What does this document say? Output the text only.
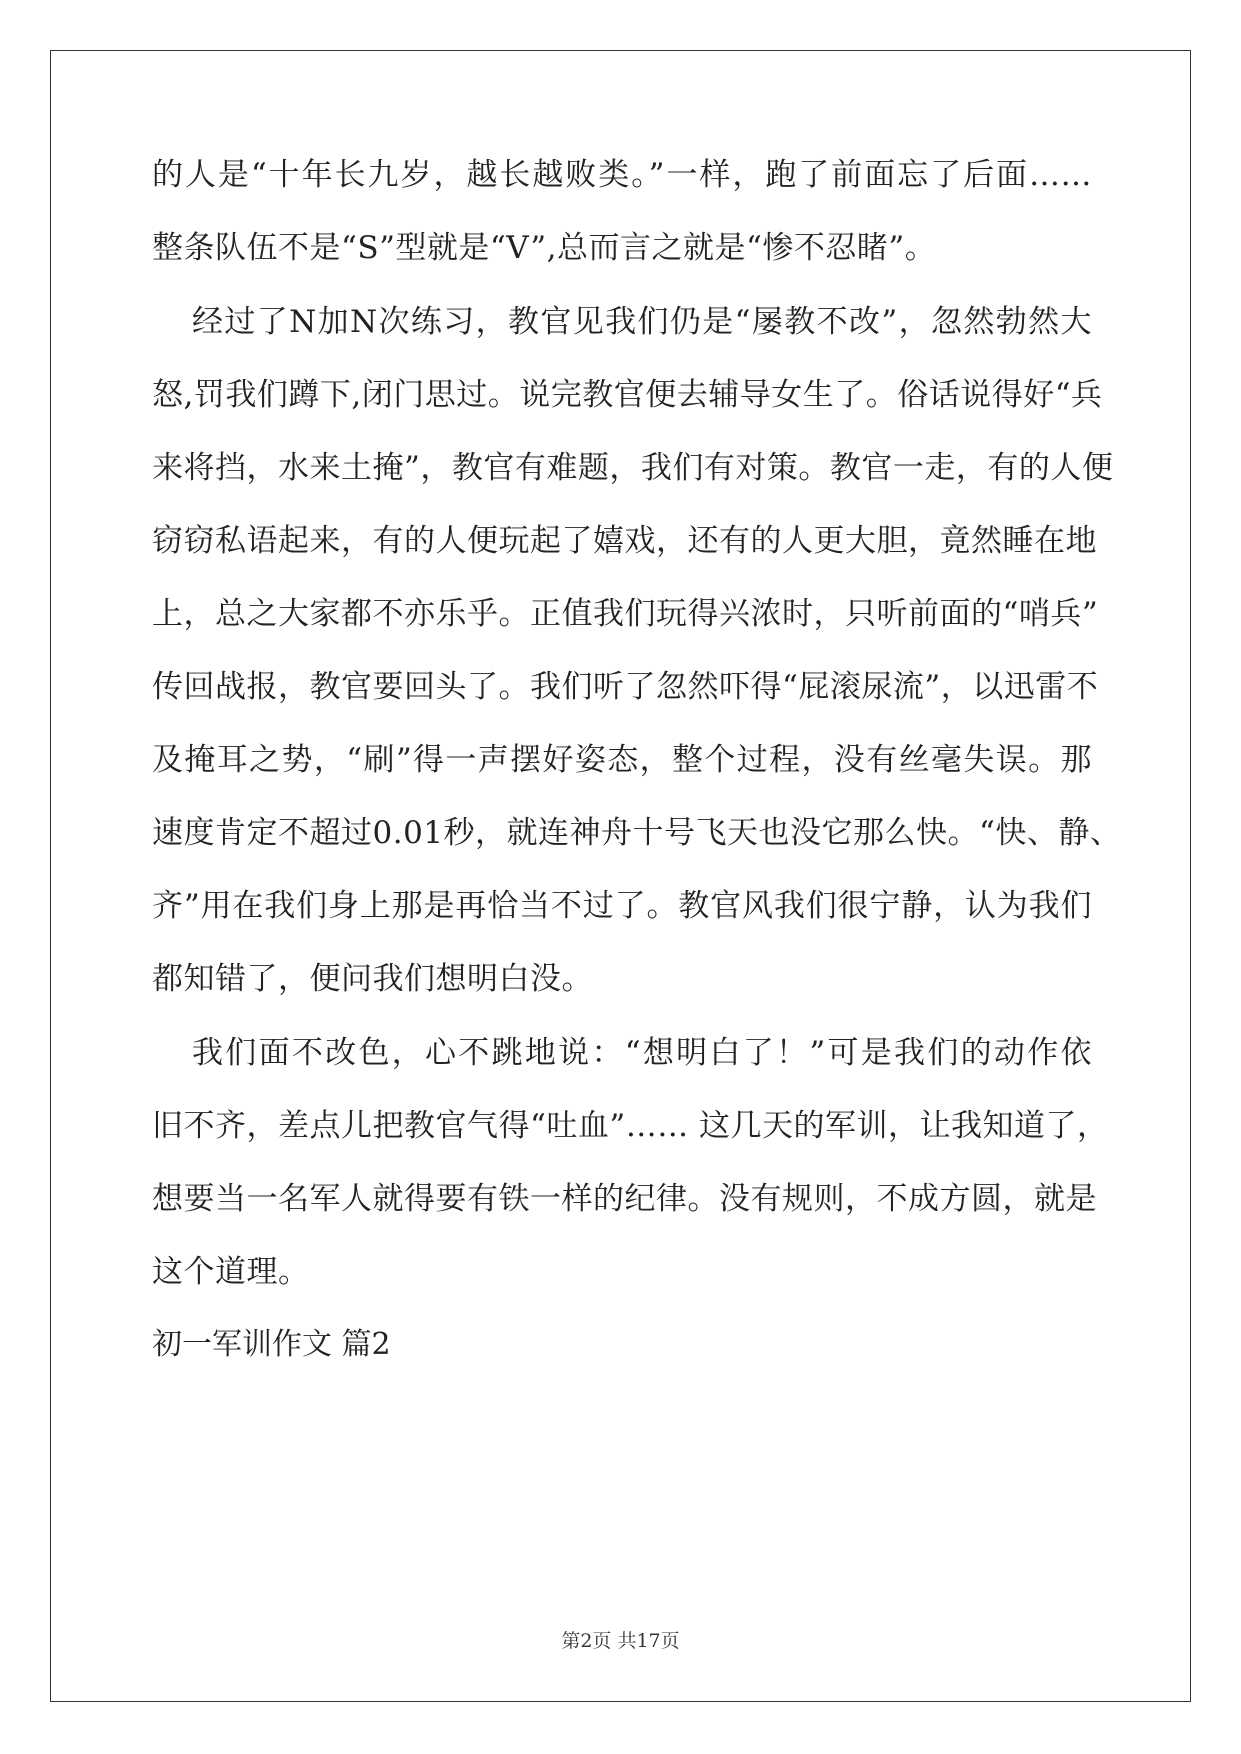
的人是“十年长九岁，越长越败类。”一样，跑了前面忘了后面……
整条队伍不是“S”型就是“V”,总而言之就是“惨不忍睹”。
经过了N加N次练习，教官见我们仍是“屡教不改”，忽然勃然大
怒,罚我们蹲下,闭门思过。说完教官便去辅导女生了。俗话说得好“兵
来将挡，水来土掩”，教官有难题，我们有对策。教官一走，有的人便
窃窃私语起来，有的人便玩起了嬉戏，还有的人更大胆，竟然睡在地
上，总之大家都不亦乐乎。正值我们玩得兴浓时，只听前面的“哨兵”
传回战报，教官要回头了。我们听了忽然吓得“屁滚尿流”，以迅雷不
及掩耳之势，“刷”得一声摆好姿态，整个过程，没有丝毫失误。那
速度肯定不超过0.01秒，就连神舟十号飞天也没它那么快。“快、静、
齐”用在我们身上那是再恰当不过了。教官风我们很宁静，认为我们
都知错了，便问我们想明白没。
我们面不改色，心不跳地说：“想明白了！”可是我们的动作依
旧不齐，差点儿把教官气得“吐血”…… 这几天的军训，让我知道了，
想要当一名军人就得要有铁一样的纪律。没有规则，不成方圆，就是
这个道理。
初一军训作文 篇2
第2页 共17页
